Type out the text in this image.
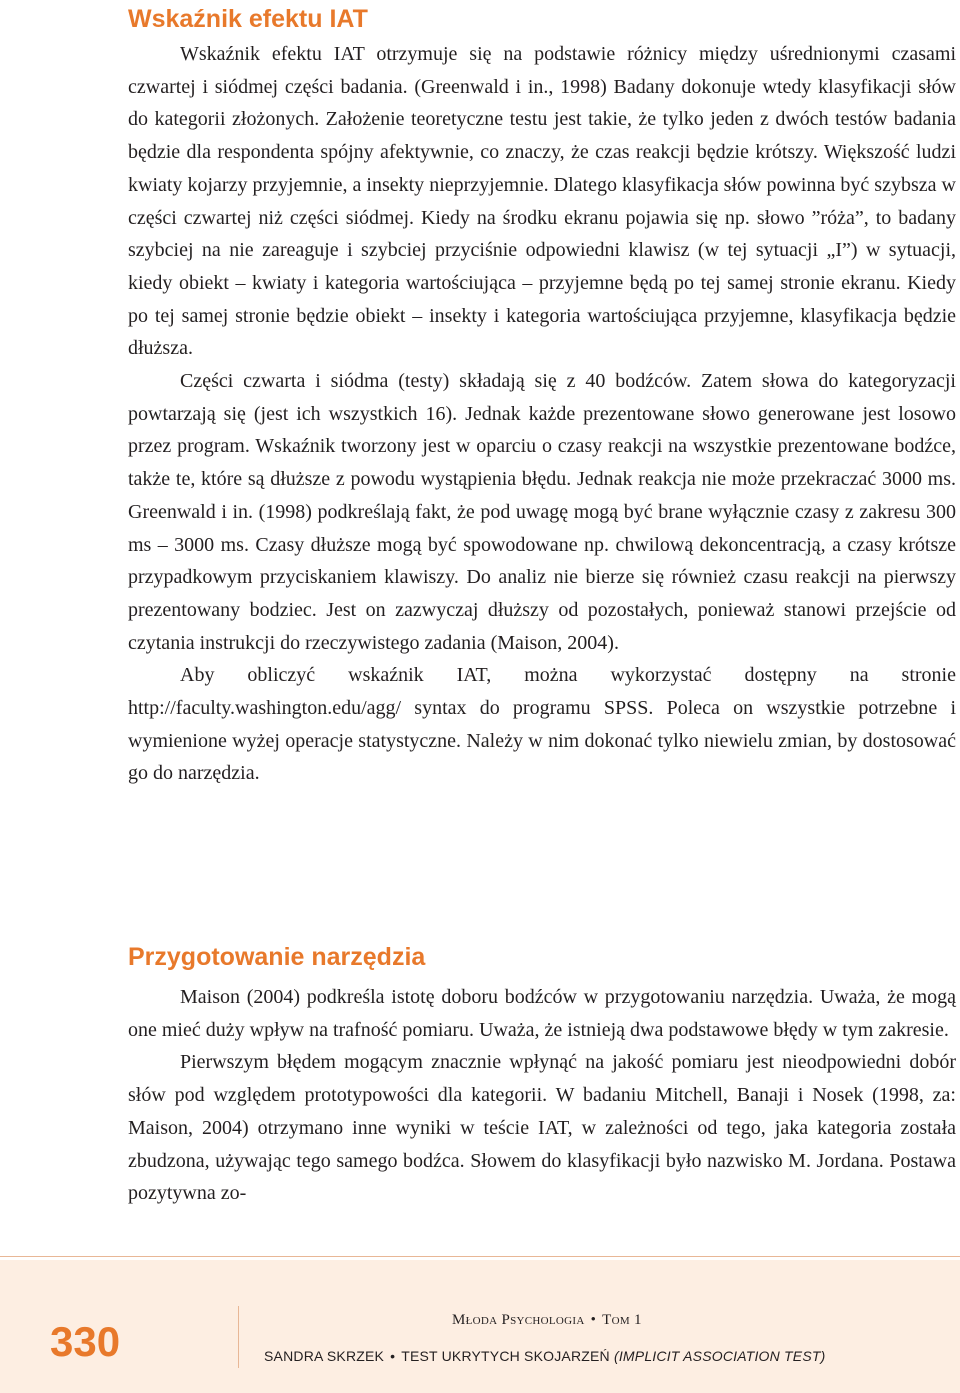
Wskaźnik efektu IAT

Wskaźnik efektu IAT otrzymuje się na podstawie różnicy między uśrednionymi czasami czwartej i siódmej części badania. (Greenwald i in., 1998) Badany dokonuje wtedy klasyfikacji słów do kategorii złożonych. Założenie teoretyczne testu jest takie, że tylko jeden z dwóch testów badania będzie dla respondenta spójny afektywnie, co znaczy, że czas reakcji będzie krótszy. Większość ludzi kwiaty kojarzy przyjemnie, a insekty nieprzyjemnie. Dlatego klasyfikacja słów powinna być szybsza w części czwartej niż części siódmej. Kiedy na środku ekranu pojawia się np. słowo ”róża”, to badany szybciej na nie zareaguje i szybciej przyciśnie odpowiedni klawisz (w tej sytuacji „I”) w sytuacji, kiedy obiekt – kwiaty i kategoria wartościująca – przyjemne będą po tej samej stronie ekranu. Kiedy po tej samej stronie będzie obiekt – insekty i kategoria wartościująca przyjemne, klasyfikacja będzie dłuższa.

Części czwarta i siódma (testy) składają się z 40 bodźców. Zatem słowa do kategoryzacji powtarzają się (jest ich wszystkich 16). Jednak każde prezentowane słowo generowane jest losowo przez program. Wskaźnik tworzony jest w oparciu o czasy reakcji na wszystkie prezentowane bodźce, także te, które są dłuższe z powodu wystąpienia błędu. Jednak reakcja nie może przekraczać 3000 ms. Greenwald i in. (1998) podkreślają fakt, że pod uwagę mogą być brane wyłącznie czasy z zakresu 300 ms – 3000 ms. Czasy dłuższe mogą być spowodowane np. chwilową dekoncentracją, a czasy krótsze przypadkowym przyciskaniem klawiszy. Do analiz nie bierze się również czasu reakcji na pierwszy prezentowany bodziec. Jest on zazwyczaj dłuższy od pozostałych, ponieważ stanowi przejście od czytania instrukcji do rzeczywistego zadania (Maison, 2004).

Aby obliczyć wskaźnik IAT, można wykorzystać dostępny na stronie http://faculty.washington.edu/agg/ syntax do programu SPSS. Poleca on wszystkie potrzebne i wymienione wyżej operacje statystyczne. Należy w nim dokonać tylko niewielu zmian, by dostosować go do narzędzia.

Przygotowanie narzędzia

Maison (2004) podkreśla istotę doboru bodźców w przygotowaniu narzędzia. Uważa, że mogą one mieć duży wpływ na trafność pomiaru. Uważa, że istnieją dwa podstawowe błędy w tym zakresie.

Pierwszym błędem mogącym znacznie wpłynąć na jakość pomiaru jest nieodpowiedni dobór słów pod względem prototypowości dla kategorii. W badaniu Mitchell, Banaji i Nosek (1998, za: Maison, 2004) otrzymano inne wyniki w teście IAT, w zależności od tego, jaka kategoria została zbudzona, używając tego samego bodźca. Słowem do klasyfikacji było nazwisko M. Jordana. Postawa pozytywna zo-

330	Młoda Psychologia • Tom 1
SANDRA SKRZEK • TEST UKRYTYCH SKOJARZEŃ (IMPLICIT ASSOCIATION TEST)
